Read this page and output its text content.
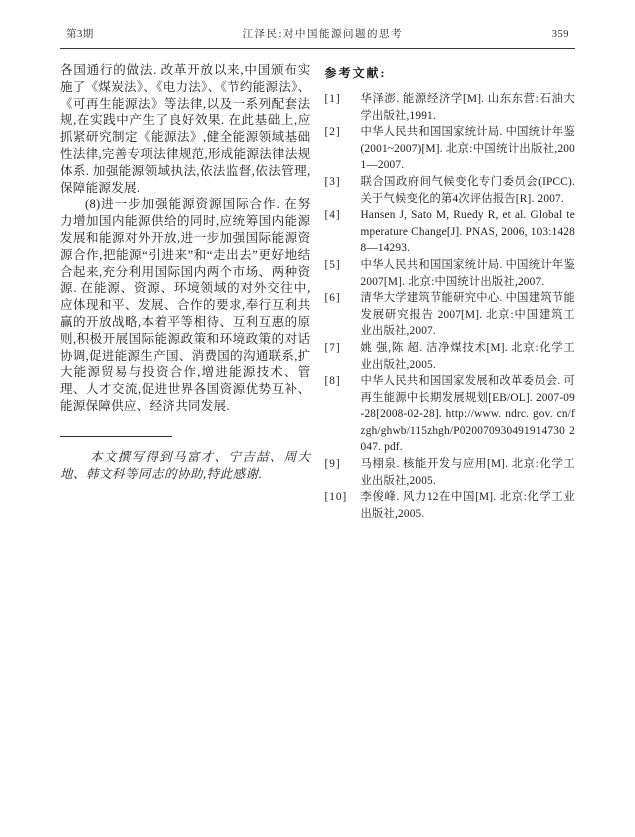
第3期	江泽民:对中国能源问题的思考	359
各国通行的做法. 改革开放以来,中国颁布实施了《煤炭法》、《电力法》、《节约能源法》、《可再生能源法》等法律,以及一系列配套法规,在实践中产生了良好效果. 在此基础上,应抓紧研究制定《能源法》,健全能源领域基础性法律,完善专项法律规范,形成能源法律法规体系. 加强能源领域执法,依法监督,依法管理,保障能源发展.
(8)进一步加强能源资源国际合作. 在努力增加国内能源供给的同时,应统筹国内能源发展和能源对外开放,进一步加强国际能源资源合作,把能源“引进来”和“走出去”更好地结合起来,充分利用国际国内两个市场、两种资源. 在能源、资源、环境领域的对外交往中,应体现和平、发展、合作的要求,奉行互利共赢的开放战略,本着平等相待、互利互惠的原则,积极开展国际能源政策和环境政策的对话协调,促进能源生产国、消费国的沟通联系,扩大能源贸易与投资合作,增进能源技术、管理、人才交流,促进世界各国资源优势互补、能源保障供应、经济共同发展.
本文撰写得到马富才、宁吉喆、周大地、韩文科等同志的协助,特此感谢.
参考文献:
[1]	华泽澎. 能源经济学[M]. 山东东营:石油大学出版社,1991.
[2]	中华人民共和国国家统计局. 中国统计年鉴(2001~2007)[M]. 北京:中国统计出版社,2001—2007.
[3]	联合国政府间气候变化专门委员会(IPCC). 关于气候变化的第4次评估报告[R]. 2007.
[4]	Hansen J, Sato M, Ruedy R, et al. Global temperature Change[J]. PNAS, 2006, 103:14288—14293.
[5]	中华人民共和国国家统计局. 中国统计年鉴 2007[M]. 北京:中国统计出版社,2007.
[6]	清华大学建筑节能研究中心. 中国建筑节能发展研究报告 2007[M]. 北京:中国建筑工业出版社,2007.
[7]	姚 强,陈 超. 洁净煤技术[M]. 北京:化学工业出版社,2005.
[8]	中华人民共和国国家发展和改革委员会. 可再生能源中长期发展规划[EB/OL]. 2007-09-28[2008-02-28]. http://www. ndrc. gov. cn/fzgh/ghwb/115zhgh/P020070930491914730 2047. pdf.
[9]	马栩泉. 核能开发与应用[M]. 北京:化学工业出版社,2005.
[10]	李俊峰. 风力12在中国[M]. 北京:化学工业出版社,2005.
